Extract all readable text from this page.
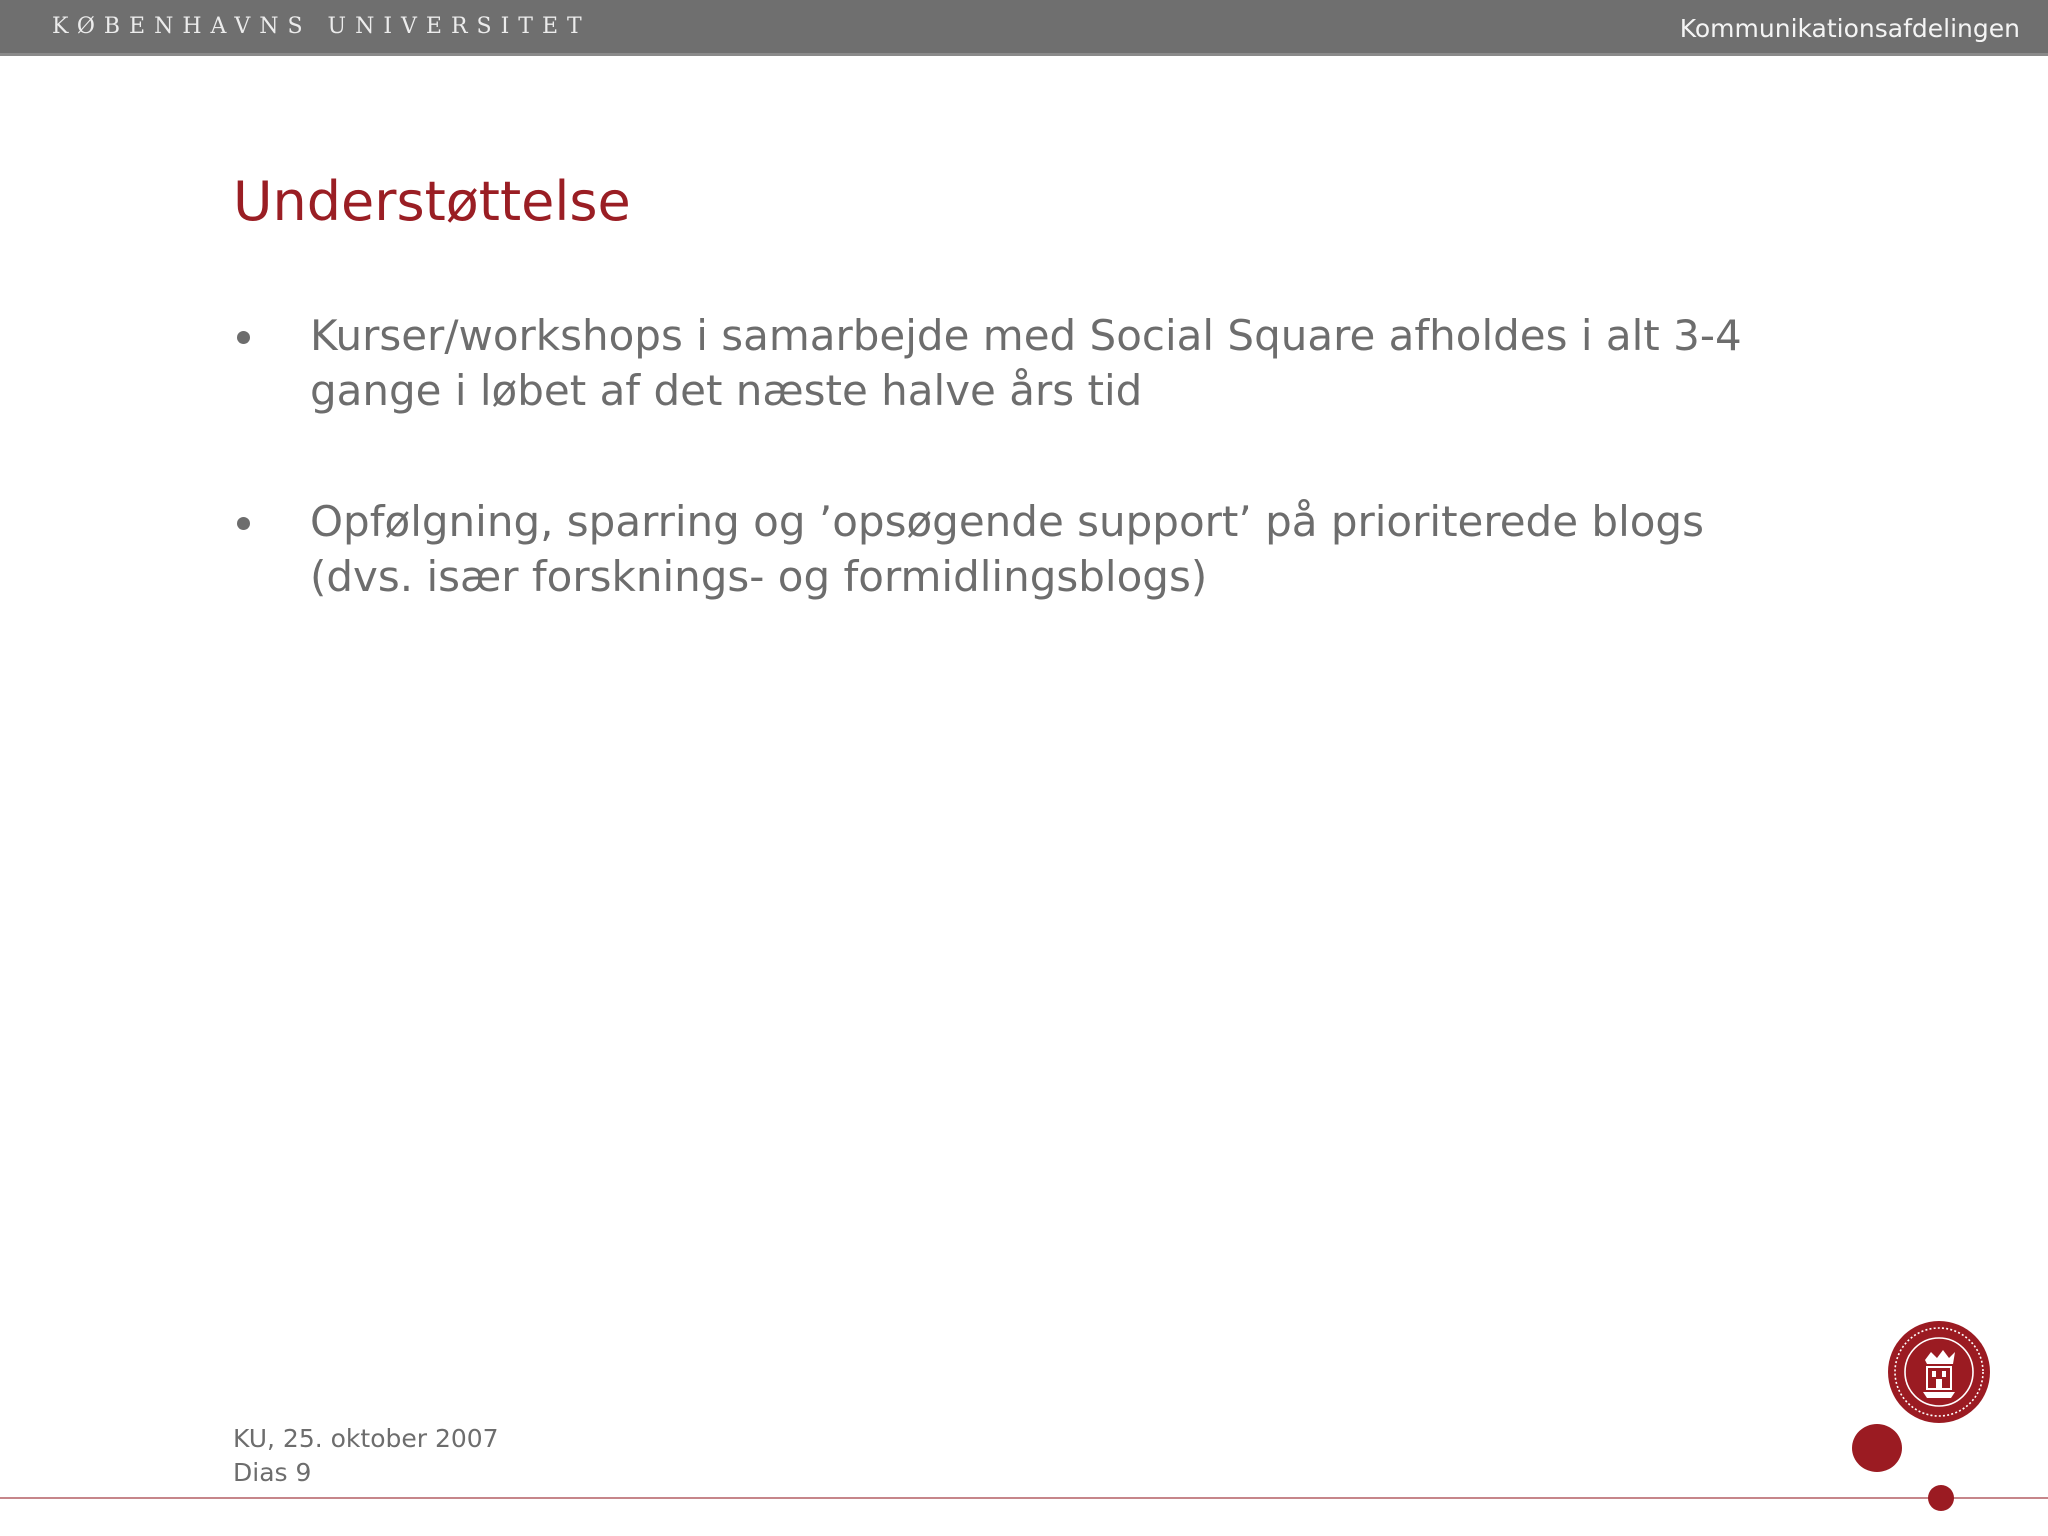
KØBENHAVNS UNIVERSITET	Kommunikationsafdelingen
Understøttelse
Kurser/workshops i samarbejde med Social Square afholdes i alt 3-4 gange i løbet af det næste halve års tid
Opfølgning, sparring og ’opsøgende support’ på prioriterede blogs (dvs. især forsknings- og formidlingsblogs)
KU, 25. oktober 2007
Dias 9
